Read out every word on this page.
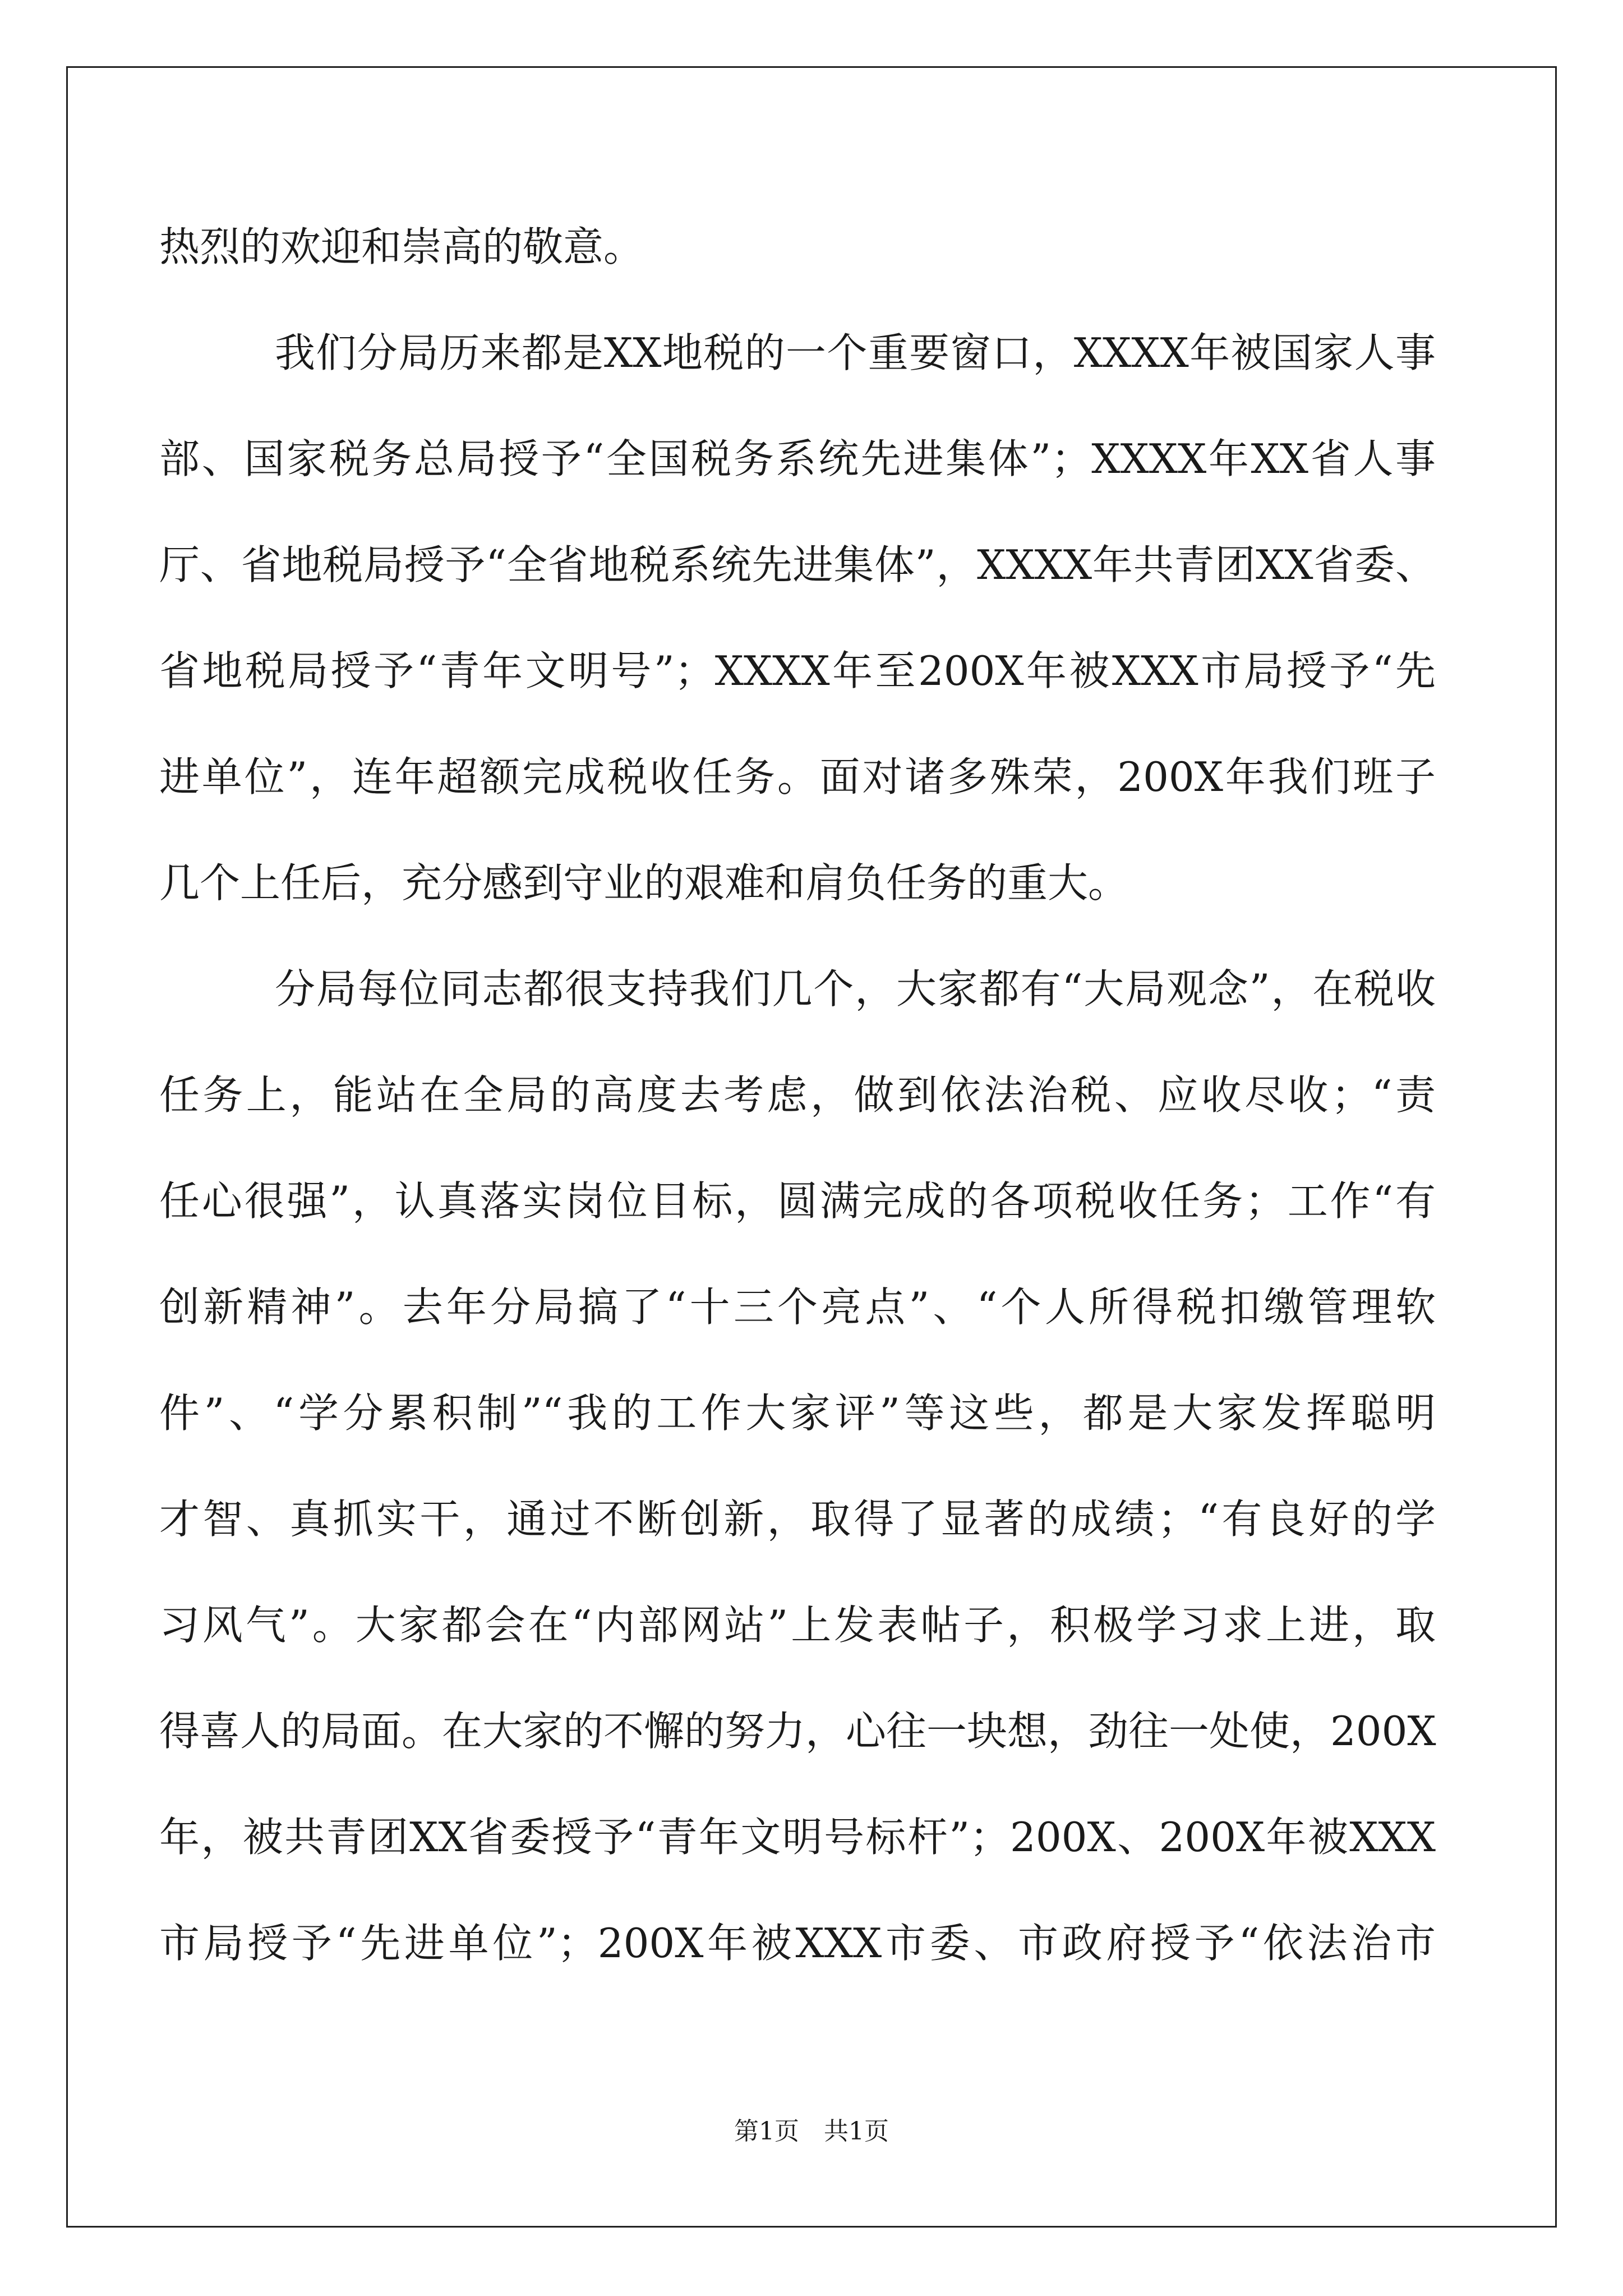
热烈的欢迎和崇高的敬意。
我们分局历来都是XX地税的一个重要窗口，XXXX年被国家人事
部、国家税务总局授予“全国税务系统先进集体”；XXXX年XX省人事
厅、省地税局授予“全省地税系统先进集体”，XXXX年共青团XX省委、
省地税局授予“青年文明号”；XXXX年至200X年被XXX市局授予“先
进单位”，连年超额完成税收任务。面对诸多殊荣，200X年我们班子
几个上任后，充分感到守业的艰难和肩负任务的重大。
分局每位同志都很支持我们几个，大家都有“大局观念”，在税收
任务上，能站在全局的高度去考虑，做到依法治税、应收尽收；“责
任心很强”，认真落实岗位目标，圆满完成的各项税收任务；工作“有
创新精神”。去年分局搞了“十三个亮点”、“个人所得税扣缴管理软
件”、“学分累积制”“我的工作大家评”等这些，都是大家发挥聪明
才智、真抓实干，通过不断创新，取得了显著的成绩；“有良好的学
习风气”。大家都会在“内部网站”上发表帖子，积极学习求上进，取
得喜人的局面。在大家的不懈的努力，心往一块想，劲往一处使，200X
年，被共青团XX省委授予“青年文明号标杆”；200X、200X年被XXX
市局授予“先进单位”；200X年被XXX市委、市政府授予“依法治市
第1页　共1页
